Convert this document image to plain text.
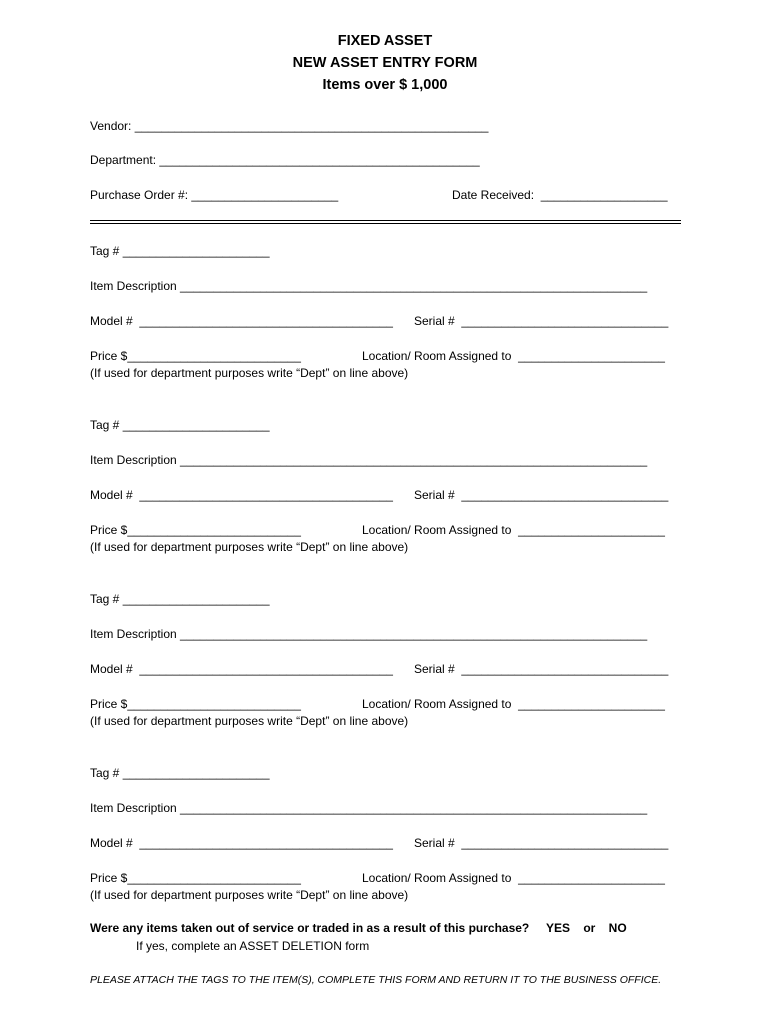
FIXED ASSET
NEW ASSET ENTRY FORM
Items over $ 1,000
Vendor: _____________________________________________________
Department: ________________________________________________
Purchase Order #: ______________________	Date Received:  ___________________
Tag # ______________________
Item Description ______________________________________________________________________
Model #  ______________________________________ Serial #  _______________________________
Price $__________________________	Location/ Room Assigned to  ______________________
(If used for department purposes write “Dept” on line above)
Tag # ______________________
Item Description ______________________________________________________________________
Model #  ______________________________________ Serial #  _______________________________
Price $__________________________	Location/ Room Assigned to  ______________________
(If used for department purposes write “Dept” on line above)
Tag # ______________________
Item Description ______________________________________________________________________
Model #  ______________________________________ Serial #  _______________________________
Price $__________________________	Location/ Room Assigned to  ______________________
(If used for department purposes write “Dept” on line above)
Tag # ______________________
Item Description ______________________________________________________________________
Model #  ______________________________________ Serial #  _______________________________
Price $__________________________	Location/ Room Assigned to  ______________________
(If used for department purposes write “Dept” on line above)
Were any items taken out of service or traded in as a result of this purchase? YES    or    NO
If yes, complete an ASSET DELETION form
PLEASE ATTACH THE TAGS TO THE ITEM(S), COMPLETE THIS FORM AND RETURN IT TO THE BUSINESS OFFICE.
